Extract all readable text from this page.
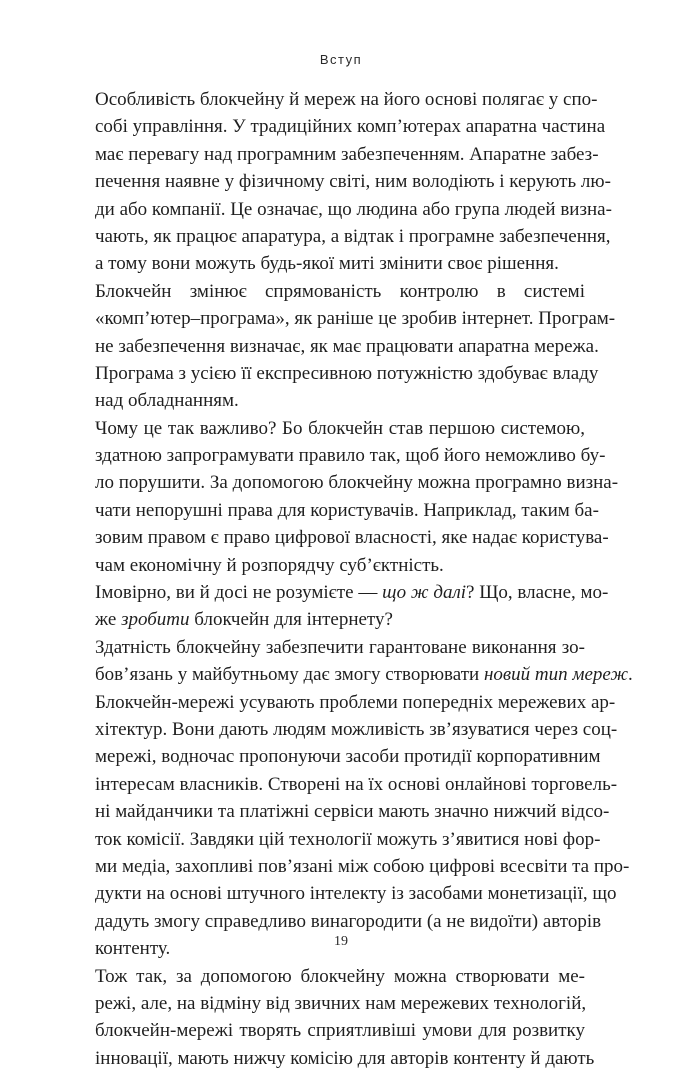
Вступ
Особливість блокчейну й мереж на його основі полягає у спо-
собі управління. У традиційних комп’ютерах апаратна частина
має перевагу над програмним забезпеченням. Апаратне забез-
печення наявне у фізичному світі, ним володіють і керують лю-
ди або компанії. Це означає, що людина або група людей визна-
чають, як працює апаратура, а відтак і програмне забезпечення,
а тому вони можуть будь-якої миті змінити своє рішення.
Блокчейн змінює спрямованість контролю в системі
«комп’ютер–програма», як раніше це зробив інтернет. Програм-
не забезпечення визначає, як має працювати апаратна мережа.
Програма з усією її експресивною потужністю здобуває владу
над обладнанням.
Чому це так важливо? Бо блокчейн став першою системою,
здатною запрограмувати правило так, щоб його неможливо бу-
ло порушити. За допомогою блокчейну можна програмно визна-
чати непорушні права для користувачів. Наприклад, таким ба-
зовим правом є право цифрової власності, яке надає користува-
чам економічну й розпорядчу суб’єктність.
Імовірно, ви й досі не розумієте — що ж далі? Що, власне, мо-
же зробити блокчейн для інтернету?
Здатність блокчейну забезпечити гарантоване виконання зо-
бов’язань у майбутньому дає змогу створювати новий тип мереж.
Блокчейн-мережі усувають проблеми попередніх мережевих ар-
хітектур. Вони дають людям можливість зв’язуватися через соц-
мережі, водночас пропонуючи засоби протидії корпоративним
інтересам власників. Створені на їх основі онлайнові торговель-
ні майданчики та платіжні сервіси мають значно нижчий відсо-
ток комісії. Завдяки цій технології можуть з’явитися нові фор-
ми медіа, захопливі пов’язані між собою цифрові всесвіти та про-
дукти на основі штучного інтелекту із засобами монетизації, що
дадуть змогу справедливо винагородити (а не видоїти) авторів
контенту.
Тож так, за допомогою блокчейну можна створювати ме-
режі, але, на відміну від звичних нам мережевих технологій,
блокчейн-мережі творять сприятливіші умови для розвитку
інновації, мають нижчу комісію для авторів контенту й дають
19
